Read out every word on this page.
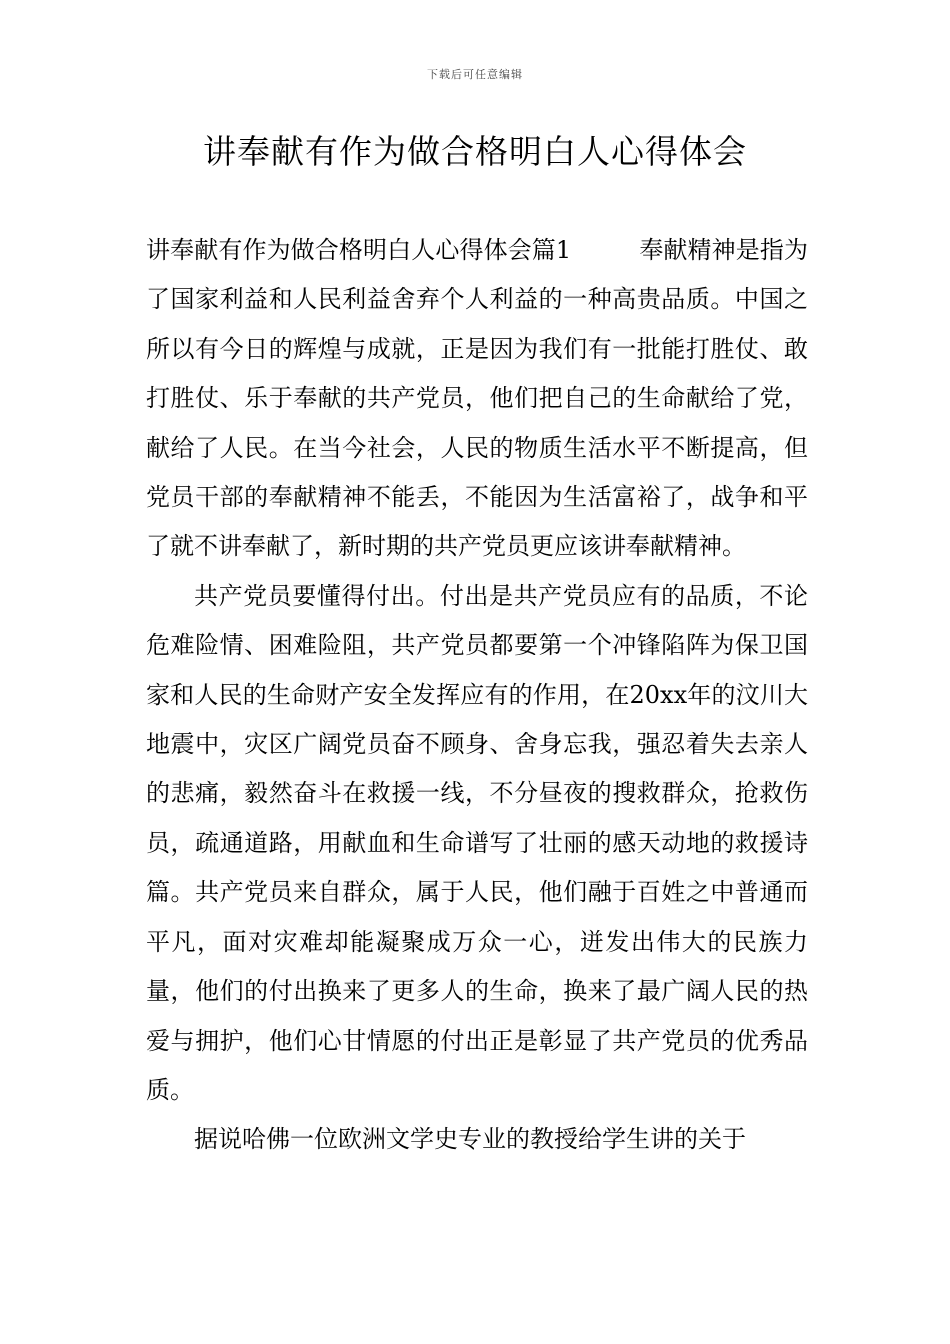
下载后可任意编辑
讲奉献有作为做合格明白人心得体会

讲奉献有作为做合格明白人心得体会篇1	奉献精神是指为了国家利益和人民利益舍弃个人利益的一种高贵品质。中国之所以有今日的辉煌与成就，正是因为我们有一批能打胜仗、敢打胜仗、乐于奉献的共产党员，他们把自己的生命献给了党，献给了人民。在当今社会，人民的物质生活水平不断提高，但党员干部的奉献精神不能丢，不能因为生活富裕了，战争和平了就不讲奉献了，新时期的共产党员更应该讲奉献精神。

共产党员要懂得付出。付出是共产党员应有的品质，不论危难险情、困难险阻，共产党员都要第一个冲锋陷阵为保卫国家和人民的生命财产安全发挥应有的作用，在20xx年的汶川大地震中，灾区广阔党员奋不顾身、舍身忘我，强忍着失去亲人的悲痛，毅然奋斗在救援一线，不分昼夜的搜救群众，抢救伤员，疏通道路，用献血和生命谱写了壮丽的感天动地的救援诗篇。共产党员来自群众，属于人民，他们融于百姓之中普通而平凡，面对灾难却能凝聚成万众一心，迸发出伟大的民族力量，他们的付出换来了更多人的生命，换来了最广阔人民的热爱与拥护，他们心甘情愿的付出正是彰显了共产党员的优秀品质。

据说哈佛一位欧洲文学史专业的教授给学生讲的关于
